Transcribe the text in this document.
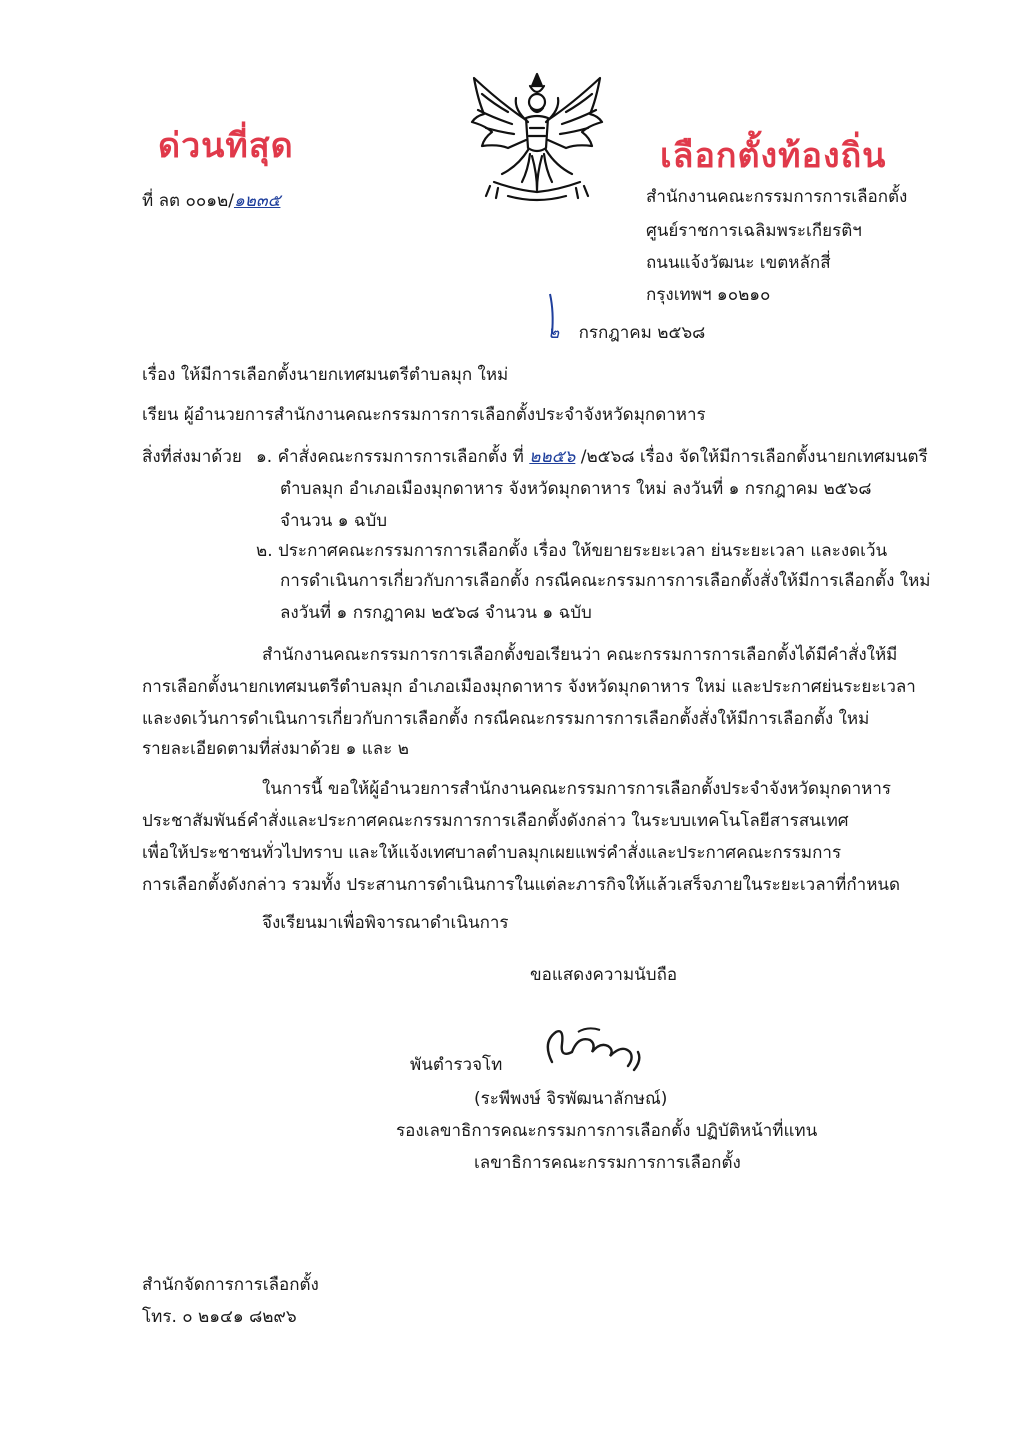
ด่วนที่สุด	เลือกตั้งท้องถิ่น
ที่ ลต ๐๐๑๒/๑๒๓๕	สำนักงานคณะกรรมการการเลือกตั้ง
ศูนย์ราชการเฉลิมพระเกียรติฯ
ถนนแจ้งวัฒนะ เขตหลักสี่
กรุงเทพฯ ๑๐๒๑๐
๒ กรกฎาคม ๒๕๖๘
เรื่อง ให้มีการเลือกตั้งนายกเทศมนตรีตำบลมุก ใหม่
เรียน ผู้อำนวยการสำนักงานคณะกรรมการการเลือกตั้งประจำจังหวัดมุกดาหาร
สิ่งที่ส่งมาด้วย ๑. คำสั่งคณะกรรมการการเลือกตั้ง ที่ ๒๒๕๖ /๒๕๖๘ เรื่อง จัดให้มีการเลือกตั้งนายกเทศมนตรี
ตำบลมุก อำเภอเมืองมุกดาหาร จังหวัดมุกดาหาร ใหม่ ลงวันที่ ๑ กรกฎาคม ๒๕๖๘
จำนวน ๑ ฉบับ
๒. ประกาศคณะกรรมการการเลือกตั้ง เรื่อง ให้ขยายระยะเวลา ย่นระยะเวลา และงดเว้น
การดำเนินการเกี่ยวกับการเลือกตั้ง กรณีคณะกรรมการการเลือกตั้งสั่งให้มีการเลือกตั้ง ใหม่
ลงวันที่ ๑ กรกฎาคม ๒๕๖๘ จำนวน ๑ ฉบับ
สำนักงานคณะกรรมการการเลือกตั้งขอเรียนว่า คณะกรรมการการเลือกตั้งได้มีคำสั่งให้มี
การเลือกตั้งนายกเทศมนตรีตำบลมุก อำเภอเมืองมุกดาหาร จังหวัดมุกดาหาร ใหม่ และประกาศย่นระยะเวลา
และงดเว้นการดำเนินการเกี่ยวกับการเลือกตั้ง กรณีคณะกรรมการการเลือกตั้งสั่งให้มีการเลือกตั้ง ใหม่
รายละเอียดตามที่ส่งมาด้วย ๑ และ ๒
ในการนี้ ขอให้ผู้อำนวยการสำนักงานคณะกรรมการการเลือกตั้งประจำจังหวัดมุกดาหาร
ประชาสัมพันธ์คำสั่งและประกาศคณะกรรมการการเลือกตั้งดังกล่าว ในระบบเทคโนโลยีสารสนเทศ
เพื่อให้ประชาชนทั่วไปทราบ และให้แจ้งเทศบาลตำบลมุกเผยแพร่คำสั่งและประกาศคณะกรรมการ
การเลือกตั้งดังกล่าว รวมทั้ง ประสานการดำเนินการในแต่ละภารกิจให้แล้วเสร็จภายในระยะเวลาที่กำหนด
จึงเรียนมาเพื่อพิจารณาดำเนินการ
ขอแสดงความนับถือ
พันตำรวจโท
(ระพีพงษ์ จิรพัฒนาลักษณ์)
รองเลขาธิการคณะกรรมการการเลือกตั้ง ปฏิบัติหน้าที่แทน
เลขาธิการคณะกรรมการการเลือกตั้ง
สำนักจัดการการเลือกตั้ง
โทร. ๐ ๒๑๔๑ ๘๒๙๖
